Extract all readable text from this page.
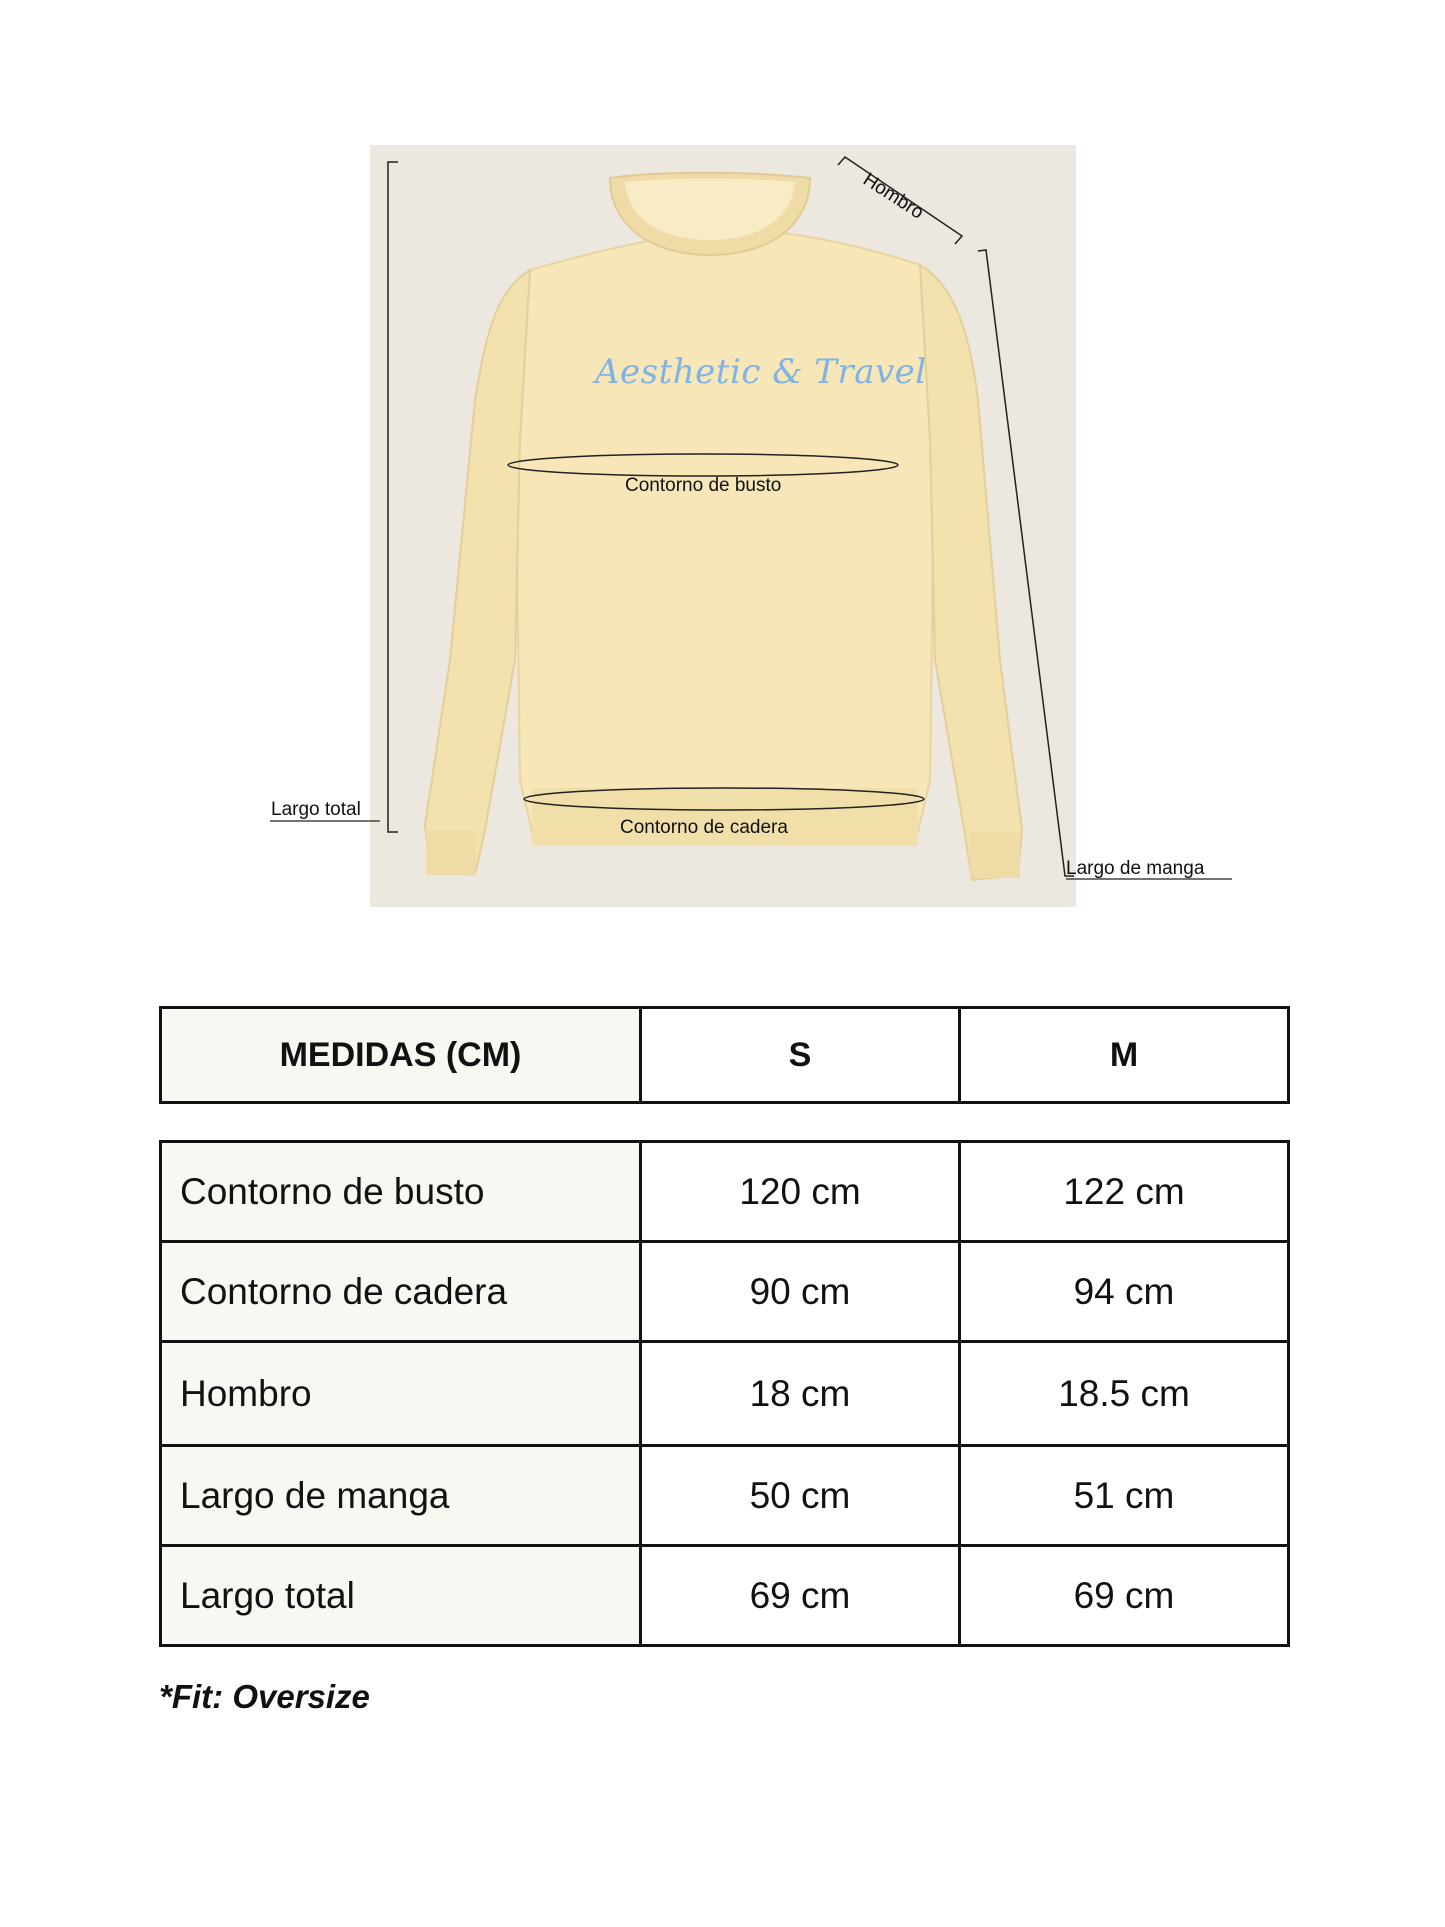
Aesthetic & Travel
Contorno de busto
Contorno de cadera
Largo total
Largo de manga
Hombro
MEDIDAS (CM)	S	M
Contorno de busto	120 cm	122 cm
Contorno de cadera	90 cm	94 cm
Hombro	18 cm	18.5 cm
Largo de manga	50 cm	51 cm
Largo total	69 cm	69 cm
*Fit: Oversize
